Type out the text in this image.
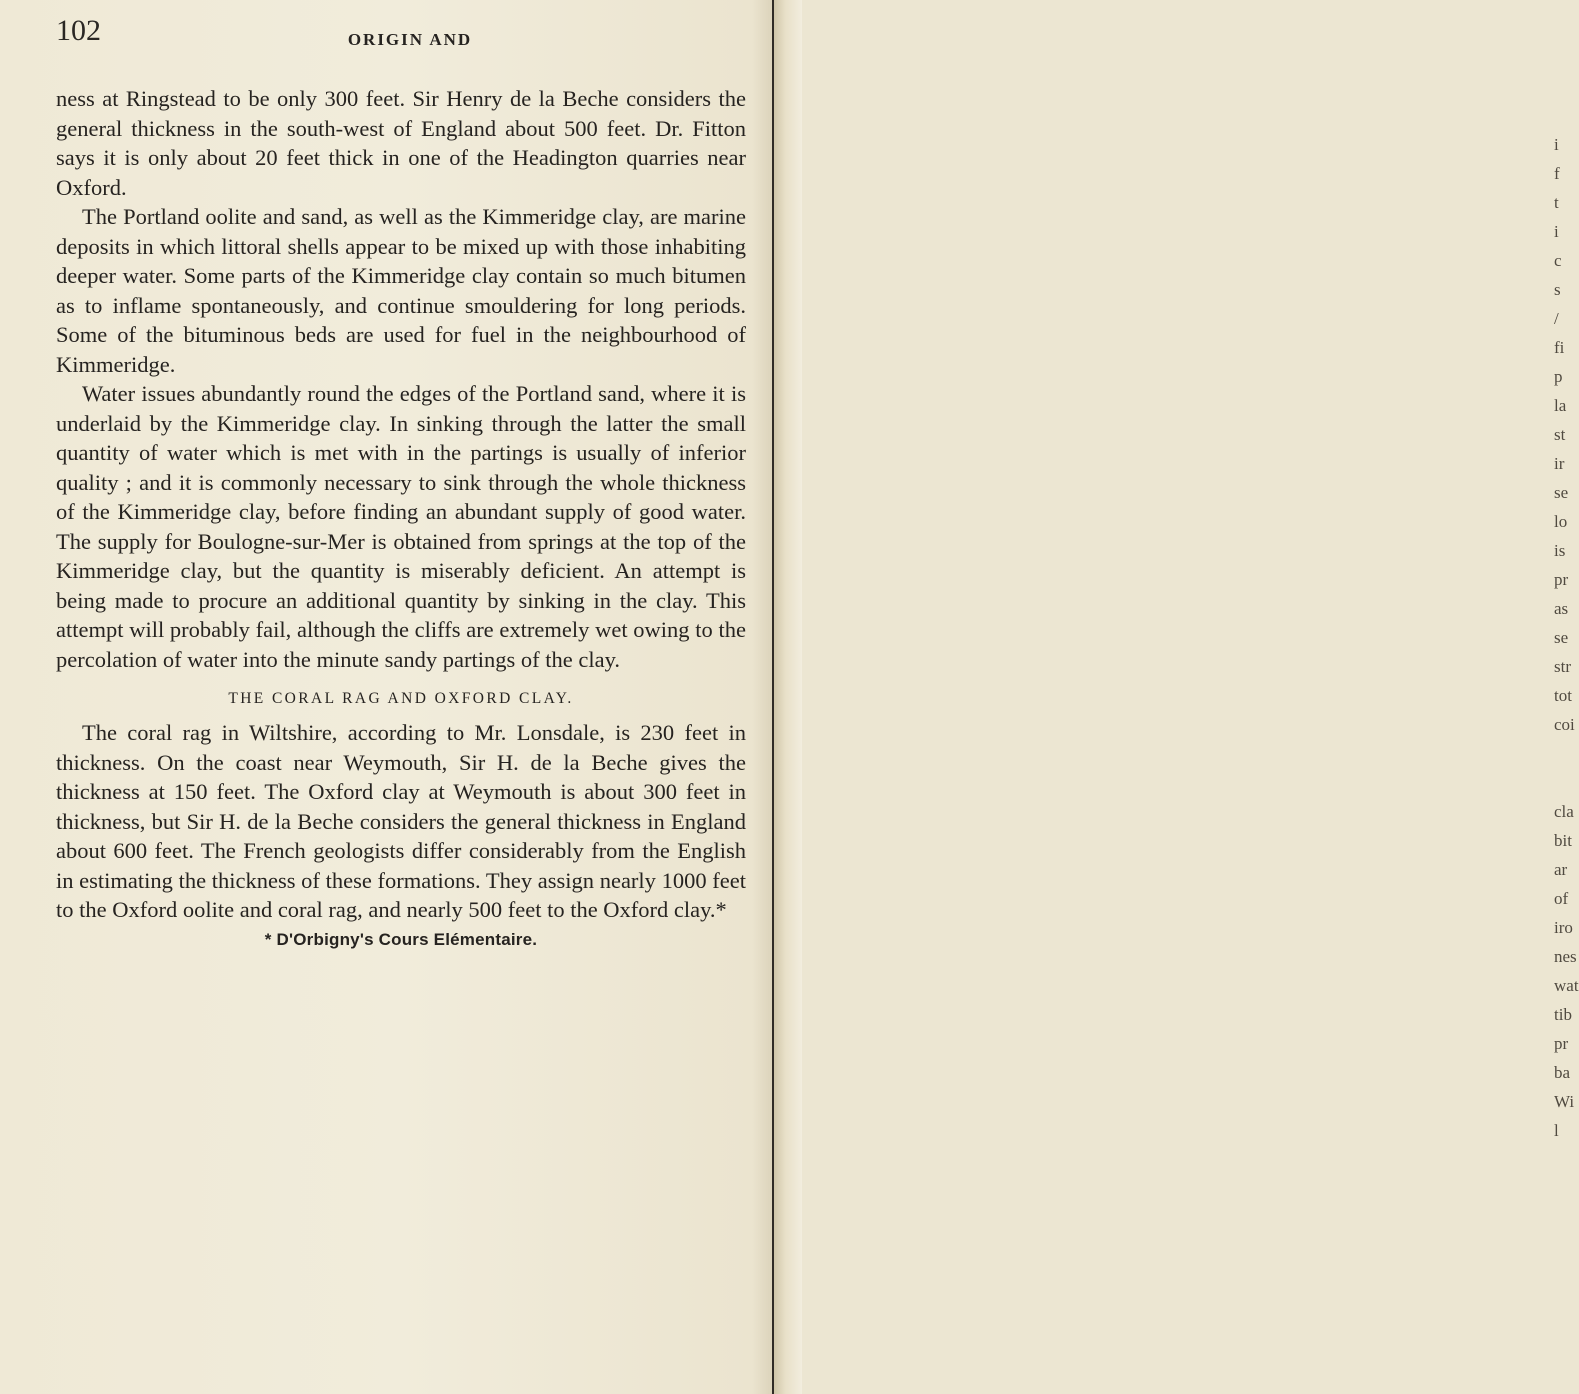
102	ORIGIN AND

ness at Ringstead to be only 300 feet. Sir Henry de la Beche considers the general thickness in the south-west of England about 500 feet. Dr. Fitton says it is only about 20 feet thick in one of the Headington quarries near Oxford.

The Portland oolite and sand, as well as the Kimmeridge clay, are marine deposits in which littoral shells appear to be mixed up with those inhabiting deeper water. Some parts of the Kimmeridge clay contain so much bitumen as to inflame spontaneously, and continue smouldering for long periods. Some of the bituminous beds are used for fuel in the neighbourhood of Kimmeridge.

Water issues abundantly round the edges of the Portland sand, where it is underlaid by the Kimmeridge clay. In sinking through the latter the small quantity of water which is met with in the partings is usually of inferior quality ; and it is commonly necessary to sink through the whole thickness of the Kimmeridge clay, before finding an abundant supply of good water. The supply for Boulogne-sur-Mer is obtained from springs at the top of the Kimmeridge clay, but the quantity is miserably deficient. An attempt is being made to procure an additional quantity by sinking in the clay. This attempt will probably fail, although the cliffs are extremely wet owing to the percolation of water into the minute sandy partings of the clay.

THE CORAL RAG AND OXFORD CLAY.

The coral rag in Wiltshire, according to Mr. Lonsdale, is 230 feet in thickness. On the coast near Weymouth, Sir H. de la Beche gives the thickness at 150 feet. The Oxford clay at Weymouth is about 300 feet in thickness, but Sir H. de la Beche considers the general thickness in England about 600 feet. The French geologists differ considerably from the English in estimating the thickness of these formations. They assign nearly 1000 feet to the Oxford oolite and coral rag, and nearly 500 feet to the Oxford clay.*

* D'Orbigny's Cours Elémentaire.
i
f
t
i
c
s
/
fi
p
la
st
ir
se
lo
is
pr
as
se
str
tot
coi
cla
bit
ar
of
iro
nes
wat
tib
pr
ba
Wi
l
